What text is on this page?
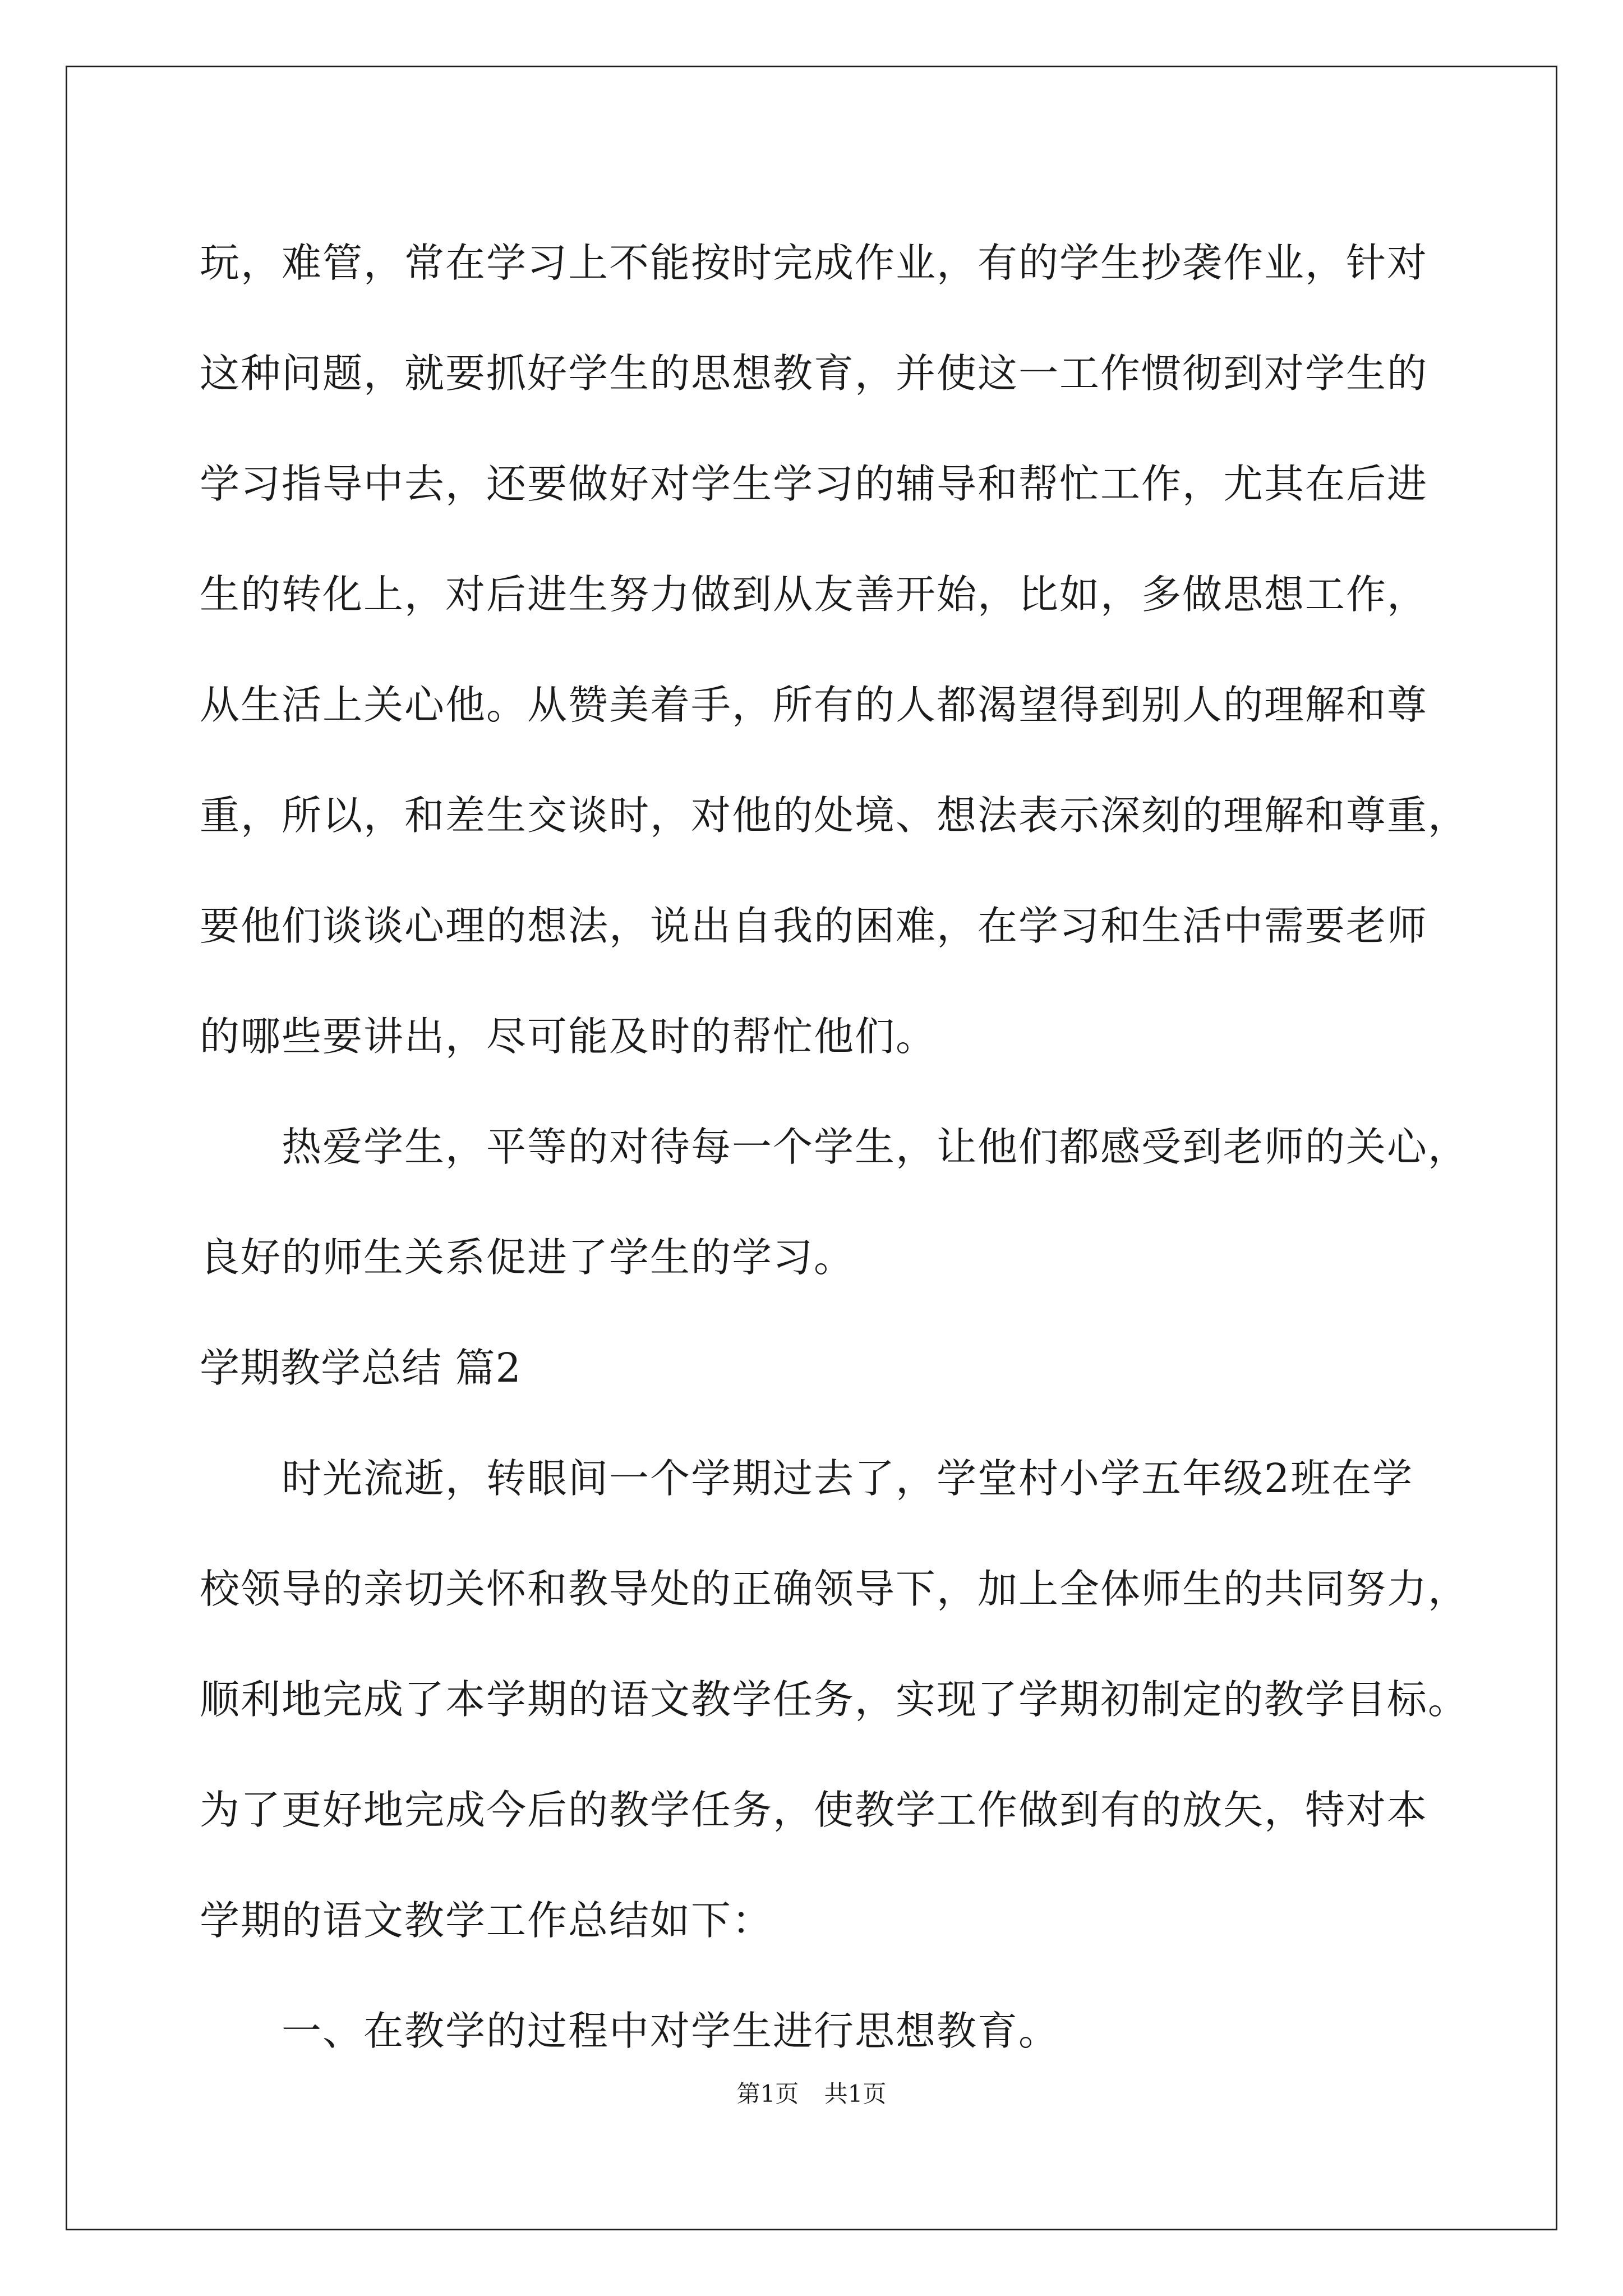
玩，难管，常在学习上不能按时完成作业，有的学生抄袭作业，针对

这种问题，就要抓好学生的思想教育，并使这一工作惯彻到对学生的

学习指导中去，还要做好对学生学习的辅导和帮忙工作，尤其在后进

生的转化上，对后进生努力做到从友善开始，比如，多做思想工作，

从生活上关心他。从赞美着手，所有的人都渴望得到别人的理解和尊

重，所以，和差生交谈时，对他的处境、想法表示深刻的理解和尊重，

要他们谈谈心理的想法，说出自我的困难，在学习和生活中需要老师

的哪些要讲出，尽可能及时的帮忙他们。

热爱学生，平等的对待每一个学生，让他们都感受到老师的关心，

良好的师生关系促进了学生的学习。

学期教学总结 篇2

时光流逝，转眼间一个学期过去了，学堂村小学五年级2班在学

校领导的亲切关怀和教导处的正确领导下，加上全体师生的共同努力，

顺利地完成了本学期的语文教学任务，实现了学期初制定的教学目标。

为了更好地完成今后的教学任务，使教学工作做到有的放矢，特对本

学期的语文教学工作总结如下：

一、在教学的过程中对学生进行思想教育。

第1页 共1页
